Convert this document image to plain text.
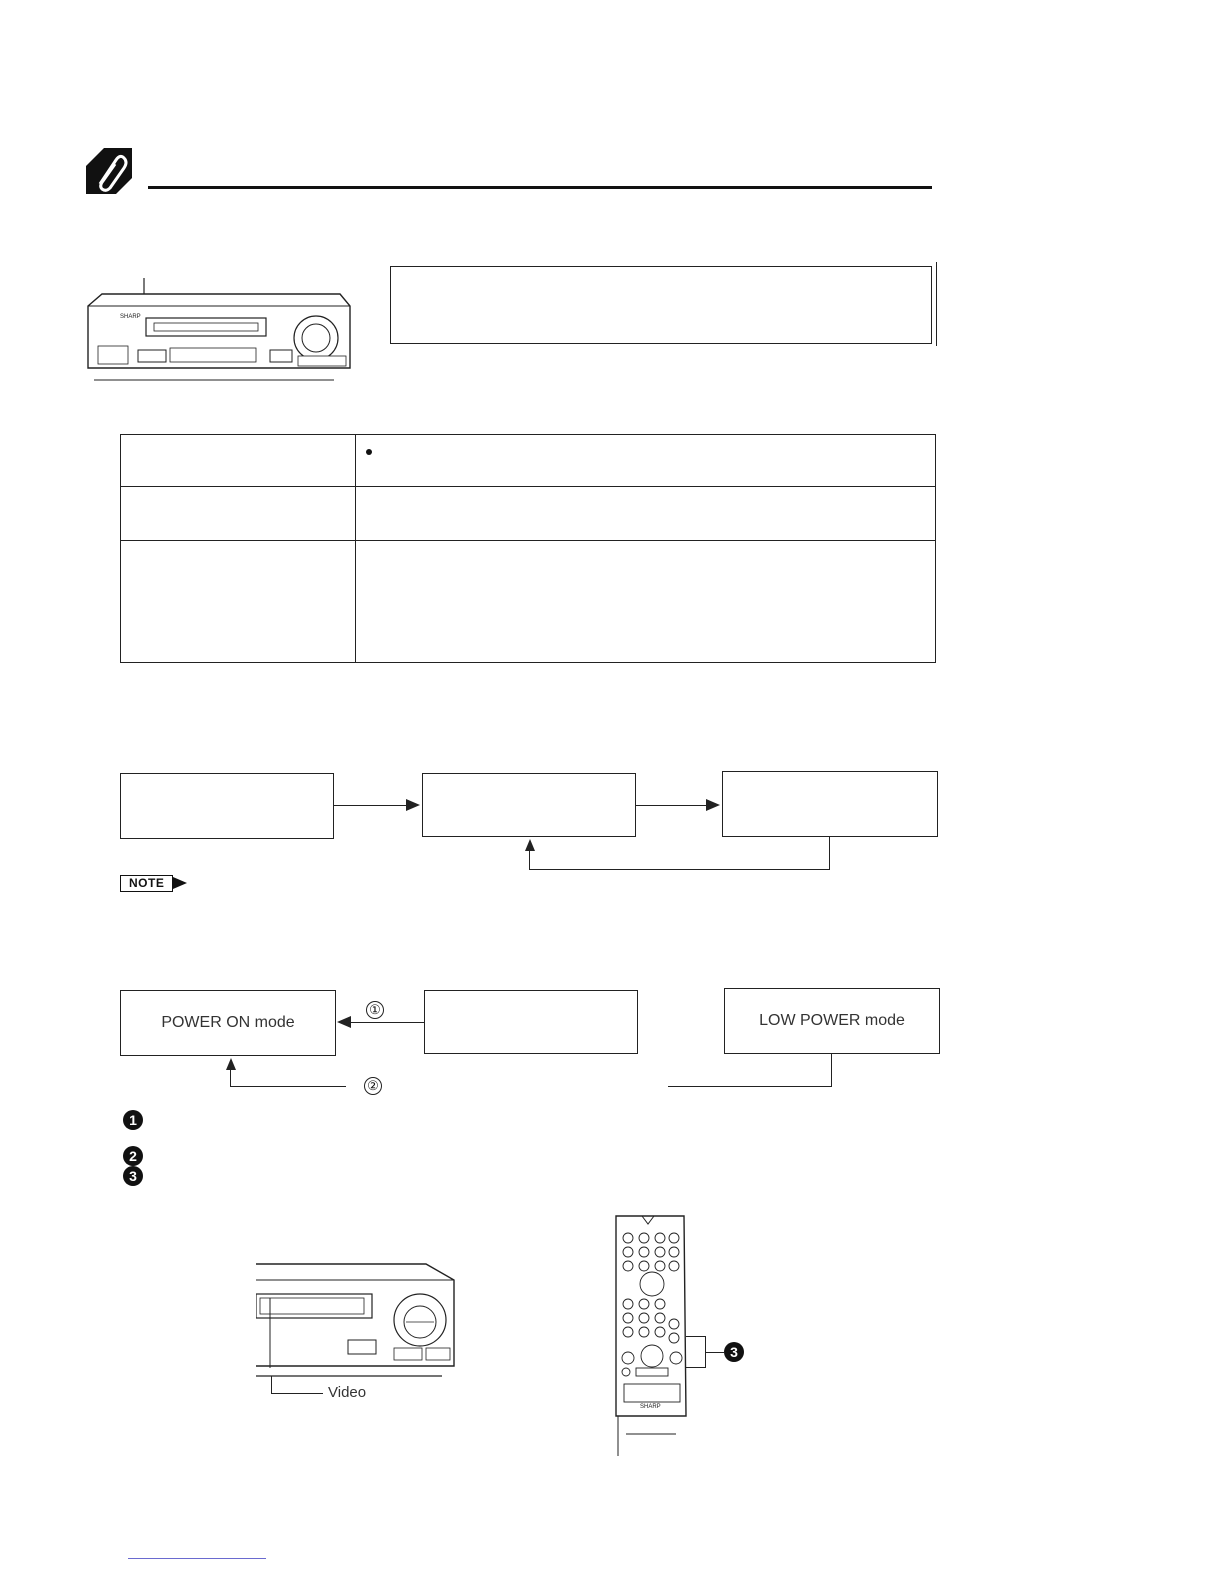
SHARP

NOTE
POWER ON mode	LOW POWER mode
①
②
1
2
3
Video
SHARP
3
